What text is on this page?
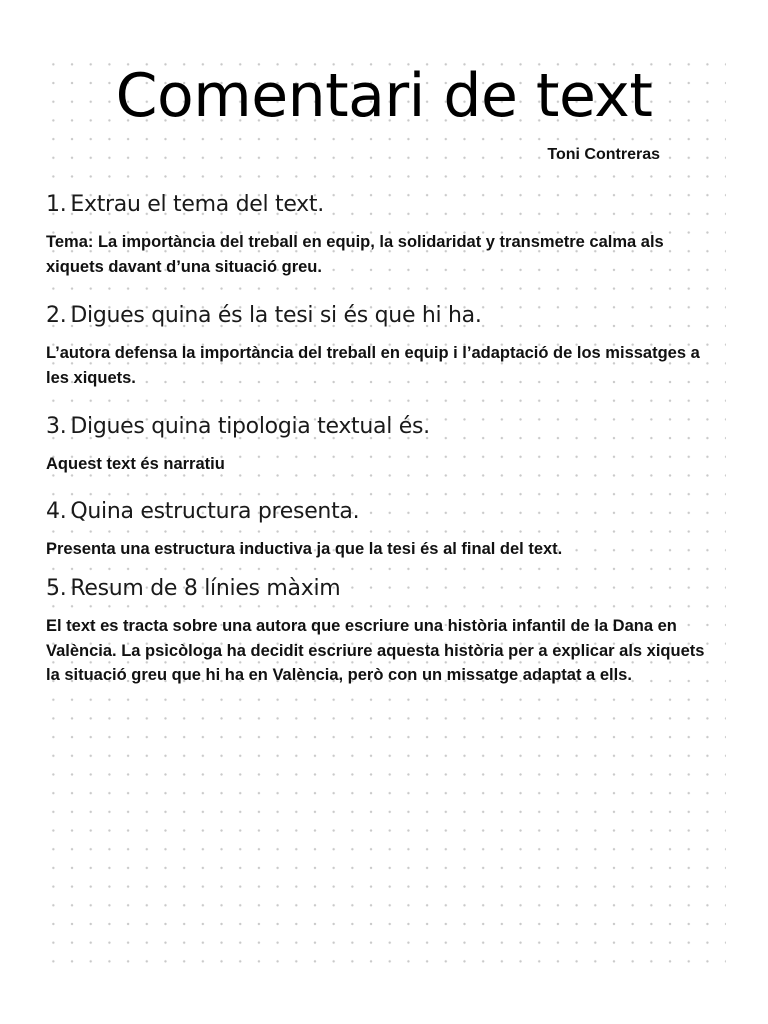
Comentari de text
Toni Contreras
1. Extrau el tema del text.

Tema: La importància del treball en equip, la solidaridat y transmetre calma als xiquets davant d’una situació greu.

2. Digues quina és la tesi si és que hi ha.

L’autora defensa la importància del treball en equip i l’adaptació de los missatges a les xiquets.

3. Digues quina tipologia textual és.

Aquest text és narratiu

4. Quina estructura presenta.

Presenta una estructura inductiva ja que la tesi és al final del text.

5. Resum de 8 línies màxim

El text es tracta sobre una autora que escriure una història infantil de la Dana en València. La psicòloga ha decidit escriure aquesta història per a explicar als xiquets la situació greu que hi ha en València, però con un missatge adaptat a ells.
